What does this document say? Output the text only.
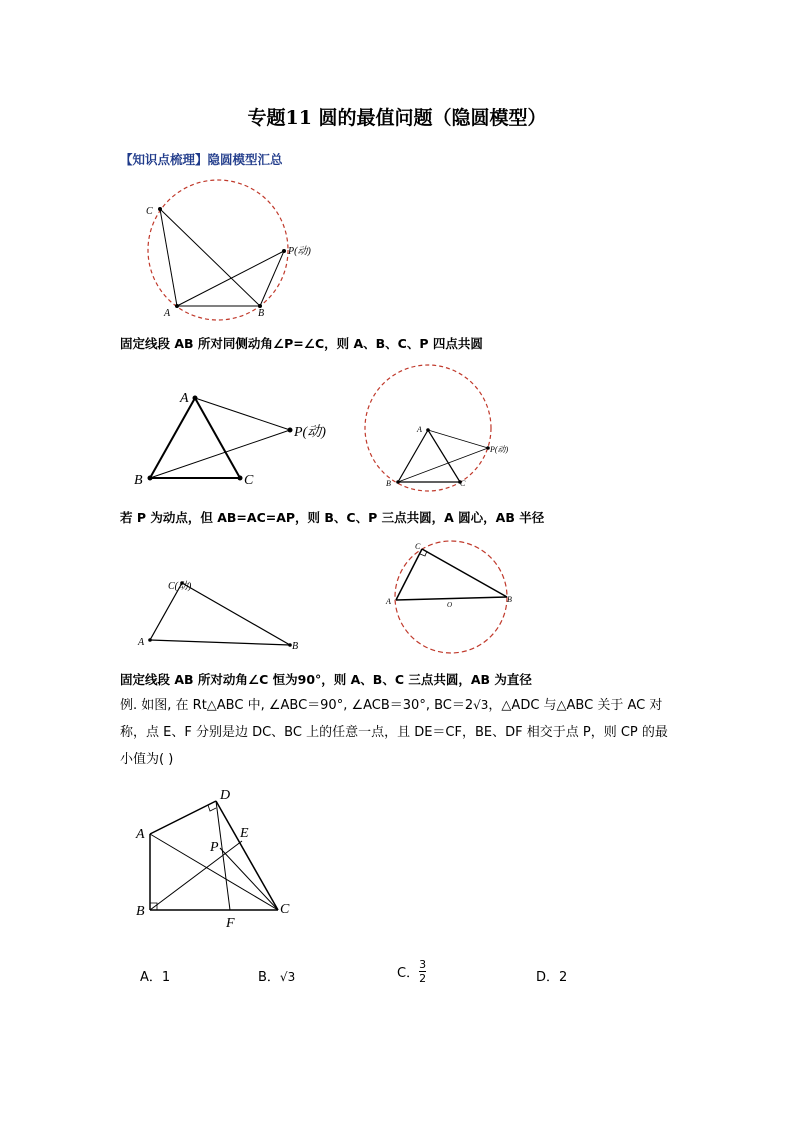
专题11 圆的最值问题（隐圆模型）
【知识点梳理】隐圆模型汇总
C
A	B
P(动)
固定线段 AB 所对同侧动角∠P=∠C，则 A、B、C、P 四点共圆
A
B	C
P(动)	A
B	C
P(动)
若 P 为动点，但 AB=AC=AP，则 B、C、P 三点共圆，A 圆心，AB 半径
C(动)
A	B
C
A	B
O
固定线段 AB 所对动角∠C 恒为90°，则 A、B、C 三点共圆，AB 为直径
例. 如图, 在 Rt△ABC 中, ∠ABC＝90°, ∠ACB＝30°, BC＝2√3，△ADC 与△ABC 关于 AC 对
称，点 E、F 分别是边 DC、BC 上的任意一点，且 DE＝CF，BE、DF 相交于点 P，则 CP 的最
小值为( )
D
A	E
P
B	C
F
A．1	B．√3	C． $\frac{3}{2}$	D．2
